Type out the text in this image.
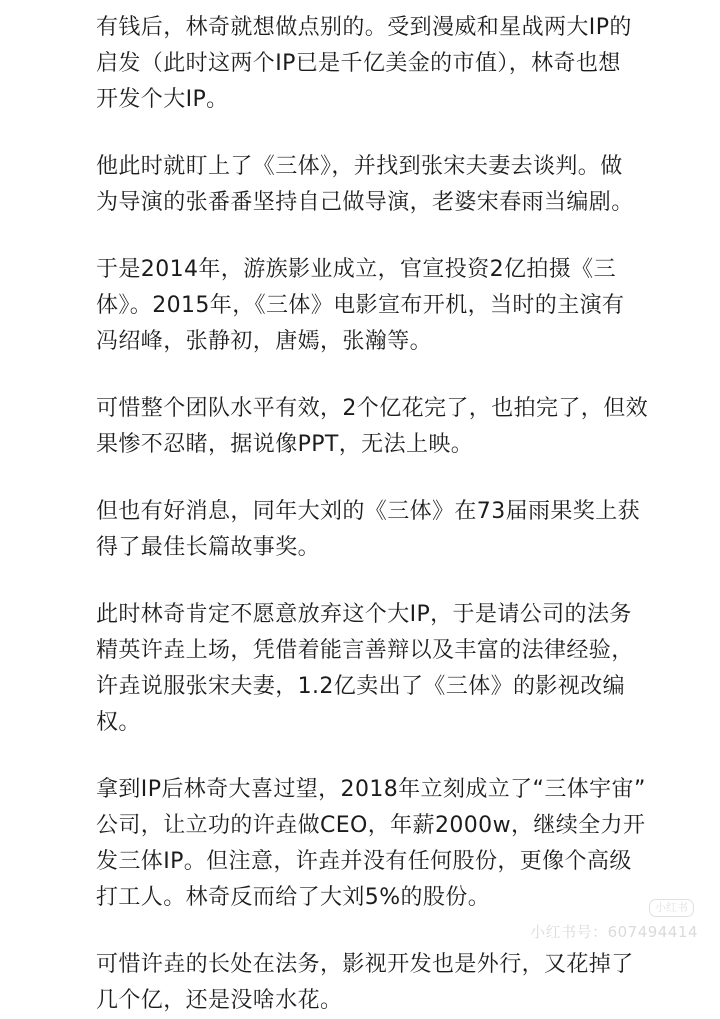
有钱后，林奇就想做点别的。受到漫威和星战两大IP的
启发（此时这两个IP已是千亿美金的市值），林奇也想
开发个大IP。

他此时就盯上了《三体》，并找到张宋夫妻去谈判。做
为导演的张番番坚持自己做导演，老婆宋春雨当编剧。

于是2014年，游族影业成立，官宣投资2亿拍摄《三
体》。2015年，《三体》电影宣布开机，当时的主演有
冯绍峰，张静初，唐嫣，张瀚等。

可惜整个团队水平有效，2个亿花完了，也拍完了，但效
果惨不忍睹，据说像PPT，无法上映。

但也有好消息，同年大刘的《三体》在73届雨果奖上获
得了最佳长篇故事奖。

此时林奇肯定不愿意放弃这个大IP，于是请公司的法务
精英许垚上场，凭借着能言善辩以及丰富的法律经验，
许垚说服张宋夫妻，1.2亿卖出了《三体》的影视改编
权。

拿到IP后林奇大喜过望，2018年立刻成立了“三体宇宙”
公司，让立功的许垚做CEO，年薪2000w，继续全力开
发三体IP。但注意，许垚并没有任何股份，更像个高级
打工人。林奇反而给了大刘5%的股份。

可惜许垚的长处在法务，影视开发也是外行，又花掉了
几个亿，还是没啥水花。

小红书
小红书号：607494414
